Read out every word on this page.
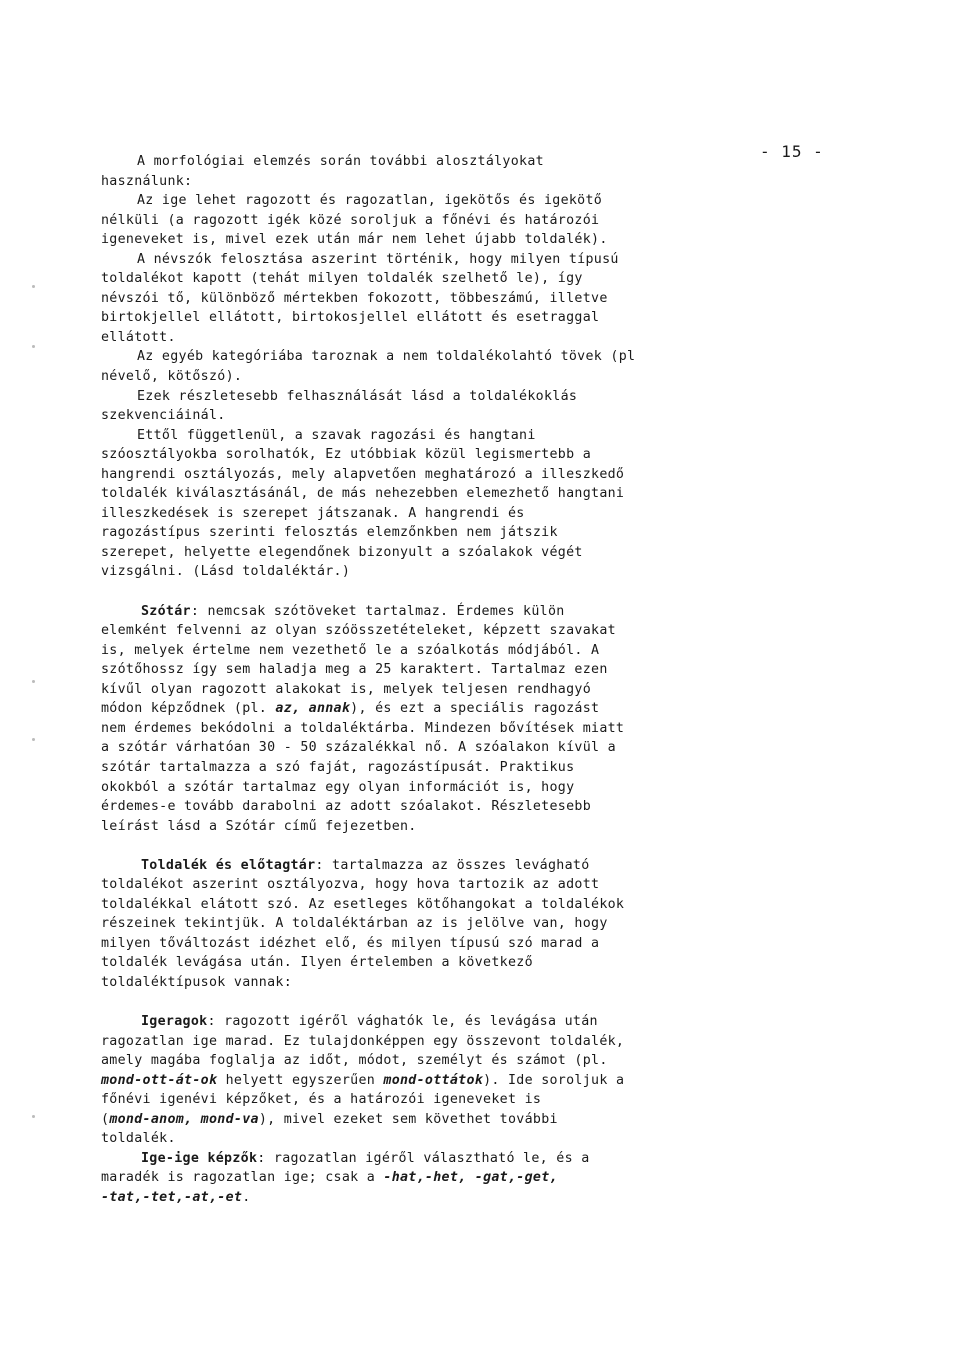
- 15 -
A morfológiai elemzés során további alosztályokat
használunk:
Az ige lehet ragozott és ragozatlan, igekötős és igekötő
nélküli (a ragozott igék közé soroljuk a főnévi és határozói
igeneveket is, mivel ezek után már nem lehet újabb toldalék).
A névszók felosztása aszerint történik, hogy milyen típusú
toldalékot kapott (tehát milyen toldalék szelhető le), így
névszói tő, különböző mértekben fokozott, többeszámú, illetve
birtokjellel ellátott, birtokosjellel ellátott és esetraggal
ellátott.
Az egyéb kategóriába taroznak a nem toldalékolahtó tövek (pl
névelő, kötőszó).
Ezek részletesebb felhasználását lásd a toldalékoklás
szekvenciáinál.
Ettől függetlenül, a szavak ragozási és hangtani
szóosztályokba sorolhatók, Ez utóbbiak közül legismertebb a
hangrendi osztályozás, mely alapvetően meghatározó a illeszkedő
toldalék kiválasztásánál, de más nehezebben elemezhető hangtani
illeszkedések is szerepet játszanak. A hangrendi és
ragozástípus szerinti felosztás elemzőnkben nem játszik
szerepet, helyette elegendőnek bizonyult a szóalakok végét
vizsgálni. (Lásd toldaléktár.)
Szótár: nemcsak szótöveket tartalmaz. Érdemes külön
elemként felvenni az olyan szóösszetételeket, képzett szavakat
is, melyek értelme nem vezethető le a szóalkotás módjából. A
szótőhossz így sem haladja meg a 25 karaktert. Tartalmaz ezen
kívűl olyan ragozott alakokat is, melyek teljesen rendhagyó
módon képződnek (pl. az, annak), és ezt a speciális ragozást
nem érdemes bekódolni a toldaléktárba. Mindezen bővítések miatt
a szótár várhatóan 30 - 50 százalékkal nő. A szóalakon kívül a
szótár tartalmazza a szó faját, ragozástípusát. Praktikus
okokból a szótár tartalmaz egy olyan információt is, hogy
érdemes-e tovább darabolni az adott szóalakot. Részletesebb
leírást lásd a Szótár című fejezetben.
Toldalék és előtagtár: tartalmazza az összes levágható
toldalékot aszerint osztályozva, hogy hova tartozik az adott
toldalékkal elátott szó. Az esetleges kötőhangokat a toldalékok
részeinek tekintjük. A toldaléktárban az is jelölve van, hogy
milyen tőváltozást idézhet elő, és milyen típusú szó marad a
toldalék levágása után. Ilyen értelemben a következő
toldaléktípusok vannak:
Igeragok: ragozott igéről vághatók le, és levágása után
ragozatlan ige marad. Ez tulajdonképpen egy összevont toldalék,
amely magába foglalja az időt, módot, személyt és számot (pl.
mond-ott-át-ok helyett egyszerűen mond-ottátok). Ide soroljuk a
főnévi igenévi képzőket, és a határozói igeneveket is
(mond-anom, mond-va), mivel ezeket sem követhet további
toldalék.
Ige-ige képzők: ragozatlan igéről választható le, és a
maradék is ragozatlan ige; csak a -hat,-het, -gat,-get,
-tat,-tet,-at,-et.
